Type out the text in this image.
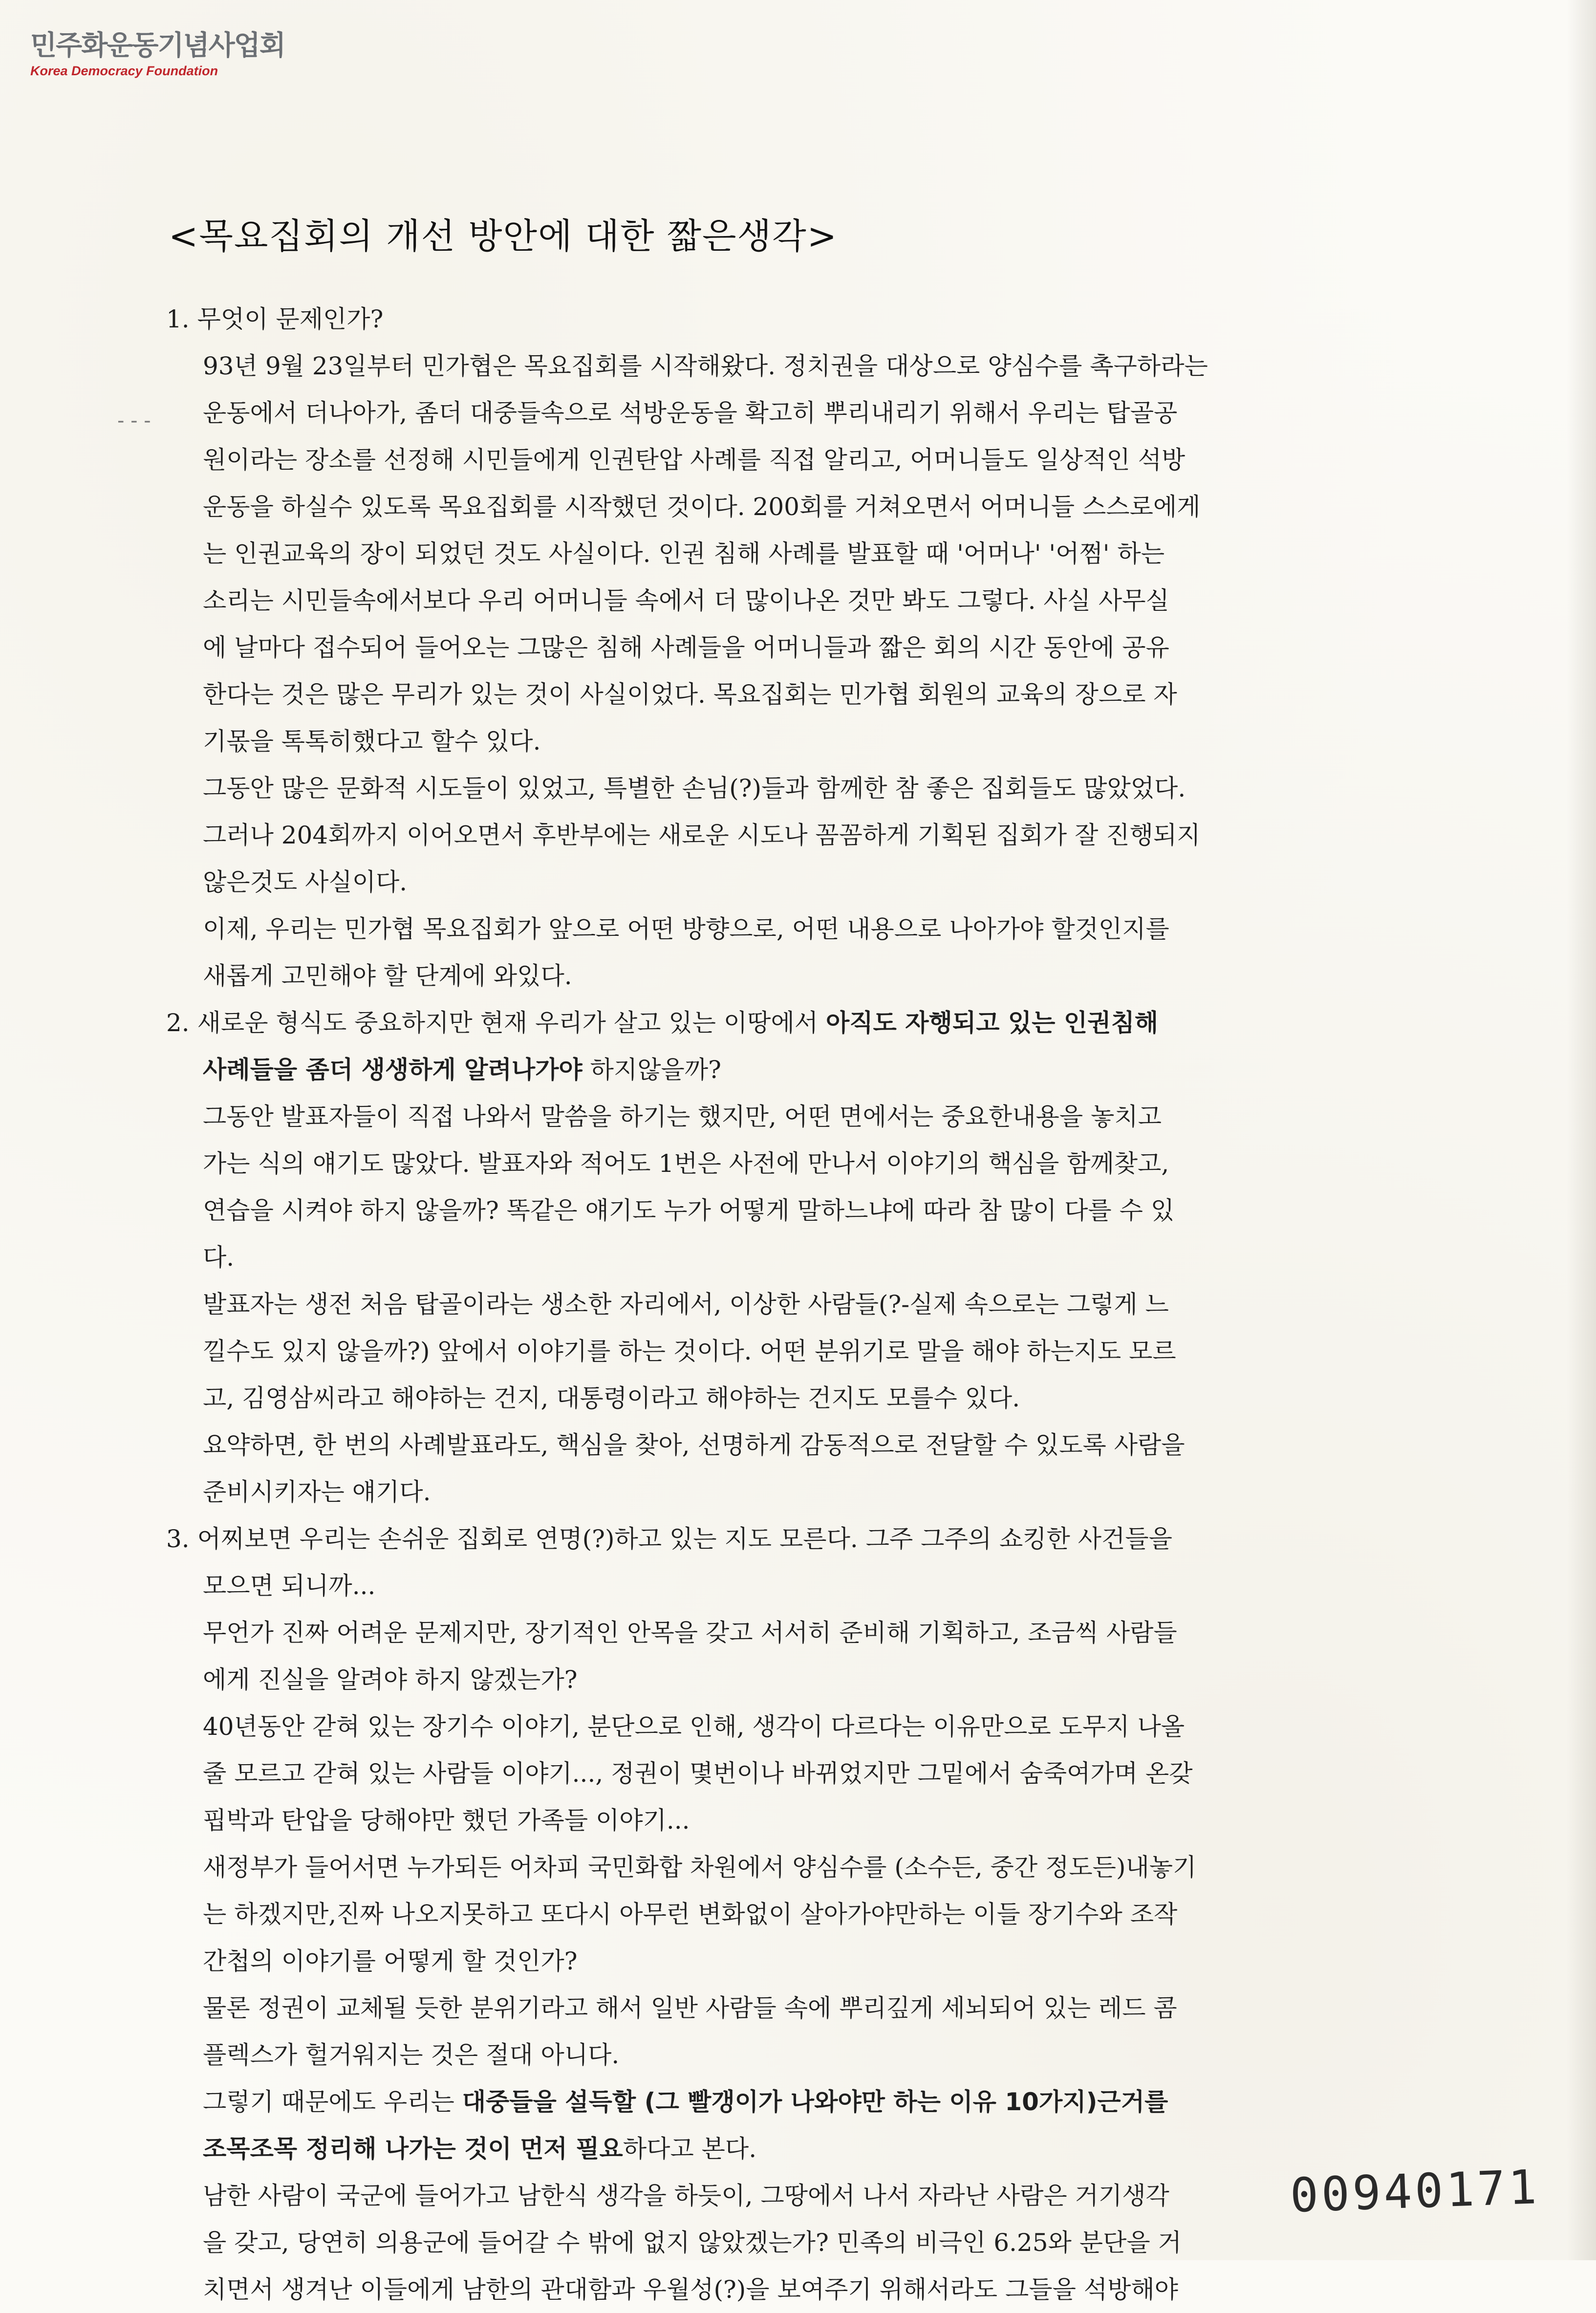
민주화운동기념사업회
Korea Democracy Foundation
<목요집회의 개선 방안에 대한 짧은생각>
- - -
1. 무엇이 문제인가?
93년 9월 23일부터 민가협은 목요집회를 시작해왔다. 정치권을 대상으로 양심수를 촉구하라는
운동에서 더나아가, 좀더 대중들속으로 석방운동을 확고히 뿌리내리기 위해서 우리는 탑골공
원이라는 장소를 선정해 시민들에게 인권탄압 사례를 직접 알리고, 어머니들도 일상적인 석방
운동을 하실수 있도록 목요집회를 시작했던 것이다. 200회를 거쳐오면서 어머니들 스스로에게
는 인권교육의 장이 되었던 것도 사실이다. 인권 침해 사례를 발표할 때 '어머나' '어쩜' 하는
소리는 시민들속에서보다 우리 어머니들 속에서 더 많이나온 것만 봐도 그렇다. 사실 사무실
에 날마다 접수되어 들어오는 그많은 침해 사례들을 어머니들과 짧은 회의 시간 동안에 공유
한다는 것은 많은 무리가 있는 것이 사실이었다. 목요집회는 민가협 회원의 교육의 장으로 자
기몫을 톡톡히했다고 할수 있다.
그동안 많은 문화적 시도들이 있었고, 특별한 손님(?)들과 함께한 참 좋은 집회들도 많았었다.
그러나 204회까지 이어오면서 후반부에는 새로운 시도나 꼼꼼하게 기획된 집회가 잘 진행되지
않은것도 사실이다.
이제, 우리는 민가협 목요집회가 앞으로 어떤 방향으로, 어떤 내용으로 나아가야 할것인지를
새롭게 고민해야 할 단계에 와있다.
2. 새로운 형식도 중요하지만 현재 우리가 살고 있는 이땅에서 아직도 자행되고 있는 인권침해
사례들을 좀더 생생하게 알려나가야 하지않을까?
그동안 발표자들이 직접 나와서 말씀을 하기는 했지만, 어떤 면에서는 중요한내용을 놓치고
가는 식의 얘기도 많았다. 발표자와 적어도 1번은 사전에 만나서 이야기의 핵심을 함께찾고,
연습을 시켜야 하지 않을까? 똑같은 얘기도 누가 어떻게 말하느냐에 따라 참 많이 다를 수 있
다.
발표자는 생전 처음 탑골이라는 생소한 자리에서, 이상한 사람들(?-실제 속으로는 그렇게 느
낄수도 있지 않을까?) 앞에서 이야기를 하는 것이다. 어떤 분위기로 말을 해야 하는지도 모르
고, 김영삼씨라고 해야하는 건지, 대통령이라고 해야하는 건지도 모를수 있다.
요약하면, 한 번의 사례발표라도, 핵심을 찾아, 선명하게 감동적으로 전달할 수 있도록 사람을
준비시키자는 얘기다.
3. 어찌보면 우리는 손쉬운 집회로 연명(?)하고 있는 지도 모른다. 그주 그주의 쇼킹한 사건들을
모으면 되니까...
무언가 진짜 어려운 문제지만, 장기적인 안목을 갖고 서서히 준비해 기획하고, 조금씩 사람들
에게 진실을 알려야 하지 않겠는가?
40년동안 갇혀 있는 장기수 이야기, 분단으로 인해, 생각이 다르다는 이유만으로 도무지 나올
줄 모르고 갇혀 있는 사람들 이야기..., 정권이 몇번이나 바뀌었지만 그밑에서 숨죽여가며 온갖
핍박과 탄압을 당해야만 했던 가족들 이야기...
새정부가 들어서면 누가되든 어차피 국민화합 차원에서 양심수를 (소수든, 중간 정도든)내놓기
는 하겠지만,진짜 나오지못하고 또다시 아무런 변화없이 살아가야만하는 이들 장기수와 조작
간첩의 이야기를 어떻게 할 것인가?
물론 정권이 교체될 듯한 분위기라고 해서 일반 사람들 속에 뿌리깊게 세뇌되어 있는 레드 콤
플렉스가 헐거워지는 것은 절대 아니다.
그렇기 때문에도 우리는 대중들을 설득할 (그 빨갱이가 나와야만 하는 이유 10가지)근거를
조목조목 정리해 나가는 것이 먼저 필요하다고 본다.
남한 사람이 국군에 들어가고 남한식 생각을 하듯이, 그땅에서 나서 자라난 사람은 거기생각
을 갖고, 당연히 의용군에 들어갈 수 밖에 없지 않았겠는가? 민족의 비극인 6.25와 분단을 거
치면서 생겨난 이들에게 남한의 관대함과 우월성(?)을 보여주기 위해서라도 그들을 석방해야
00940171
